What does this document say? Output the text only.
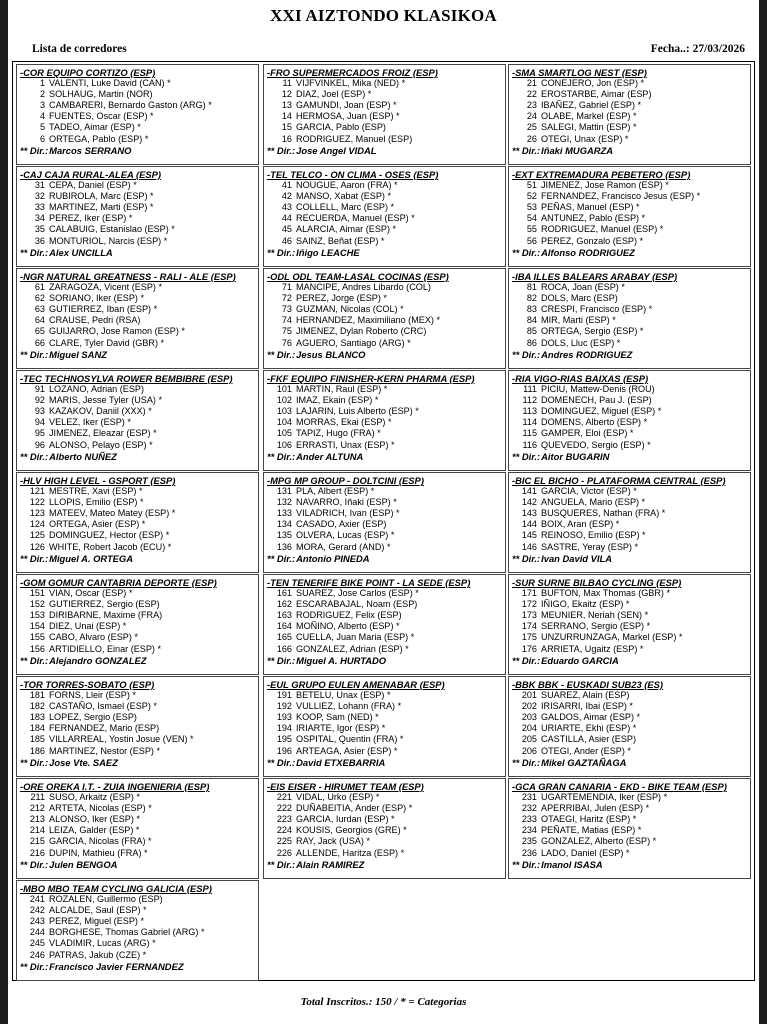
XXI AIZTONDO KLASIKOA
Lista de corredores	Fecha..: 27/03/2026
-COR EQUIPO CORTIZO (ESP)
1 VALENTI, Luke David (CAN) *
2 SOLHAUG, Martin (NOR)
3 CAMBARERI, Bernardo Gaston (ARG) *
4 FUENTES, Oscar (ESP) *
5 TADEO, Aimar (ESP) *
6 ORTEGA, Pablo (ESP) *
** Dir.:Marcos SERRANO
-FRO SUPERMERCADOS FROIZ (ESP)
11 VIJFVINKEL, Mika (NED) *
12 DIAZ, Joel (ESP) *
13 GAMUNDI, Joan (ESP) *
14 HERMOSA, Juan (ESP) *
15 GARCIA, Pablo (ESP)
16 RODRIGUEZ, Manuel (ESP)
** Dir.:Jose Angel VIDAL
-SMA SMARTLOG NEST (ESP)
21 CONEJERO, Jon (ESP) *
22 EROSTARBE, Aimar (ESP)
23 IBAÑEZ, Gabriel (ESP) *
24 OLABE, Markel (ESP) *
25 SALEGI, Mattin (ESP) *
26 OTEGI, Unax (ESP) *
** Dir.:Iñaki MUGARZA
-CAJ CAJA RURAL-ALEA (ESP)
31 CEPA, Daniel (ESP) *
32 RUBIROLA, Marc (ESP) *
33 MARTINEZ, Marti (ESP) *
34 PEREZ, Iker (ESP) *
35 CALABUIG, Estanislao (ESP) *
36 MONTURIOL, Narcis (ESP) *
** Dir.:Alex UNCILLA
-TEL TELCO - ON CLIMA - OSES (ESP)
41 NOUGUE, Aaron (FRA) *
42 MANSO, Xabat (ESP) *
43 COLLELL, Marc (ESP) *
44 RECUERDA, Manuel (ESP) *
45 ALARCIA, Aimar (ESP) *
46 SAINZ, Beñat (ESP) *
** Dir.:Iñigo LEACHE
-EXT EXTREMADURA PEBETERO (ESP)
51 JIMENEZ, Jose Ramon (ESP) *
52 FERNANDEZ, Francisco Jesus (ESP) *
53 PEÑAS, Manuel (ESP) *
54 ANTUNEZ, Pablo (ESP) *
55 RODRIGUEZ, Manuel (ESP) *
56 PEREZ, Gonzalo (ESP) *
** Dir.:Alfonso RODRIGUEZ
-NGR NATURAL GREATNESS - RALI - ALE (ESP)
61 ZARAGOZA, Vicent (ESP) *
62 SORIANO, Iker (ESP) *
63 GUTIERREZ, Iban (ESP) *
64 CRAUSE, Pedri (RSA)
65 GUIJARRO, Jose Ramon (ESP) *
66 CLARE, Tyler David (GBR) *
** Dir.:Miguel SANZ
-ODL ODL TEAM-LASAL COCINAS (ESP)
71 MANCIPE, Andres Libardo (COL)
72 PEREZ, Jorge (ESP) *
73 GUZMAN, Nicolas (COL) *
74 HERNANDEZ, Maximiliano (MEX) *
75 JIMENEZ, Dylan Roberto (CRC)
76 AGUERO, Santiago (ARG) *
** Dir.:Jesus BLANCO
-IBA ILLES BALEARS ARABAY (ESP)
81 ROCA, Joan (ESP) *
82 DOLS, Marc (ESP)
83 CRESPI, Francisco (ESP) *
84 MIR, Marti (ESP) *
85 ORTEGA, Sergio (ESP) *
86 DOLS, Lluc (ESP) *
** Dir.:Andres RODRIGUEZ
-TEC TECHNOSYLVA ROWER BEMBIBRE (ESP)
91 LOZANO, Adrian (ESP)
92 MARIS, Jesse Tyler (USA) *
93 KAZAKOV, Daniil (XXX) *
94 VELEZ, Iker (ESP) *
95 JIMENEZ, Eleazar (ESP) *
96 ALONSO, Pelayo (ESP) *
** Dir.:Alberto NUÑEZ
-FKF EQUIPO FINISHER-KERN PHARMA (ESP)
101 MARTIN, Raul (ESP) *
102 IMAZ, Ekain (ESP) *
103 LAJARIN, Luis Alberto (ESP) *
104 MORRAS, Ekai (ESP) *
105 TAPIZ, Hugo (FRA) *
106 ERRASTI, Unax (ESP) *
** Dir.:Ander ALTUNA
-RIA VIGO-RIAS BAIXAS (ESP)
111 PICIU, Mattew-Denis (ROU)
112 DOMENECH, Pau J. (ESP)
113 DOMINGUEZ, Miguel (ESP) *
114 DOMENS, Alberto (ESP) *
115 GAMPER, Eloi (ESP) *
116 QUEVEDO, Sergio (ESP) *
** Dir.:Aitor BUGARIN
-HLV HIGH LEVEL - GSPORT (ESP)
121 MESTRE, Xavi (ESP) *
122 LLOPIS, Emilio (ESP) *
123 MATEEV, Mateo Matey (ESP) *
124 ORTEGA, Asier (ESP) *
125 DOMINGUEZ, Hector (ESP) *
126 WHITE, Robert Jacob (ECU) *
** Dir.:Miguel A. ORTEGA
-MPG MP GROUP - DOLTCINI (ESP)
131 PLA, Albert (ESP) *
132 NAVARRO, Iñaki (ESP) *
133 VILADRICH, Ivan (ESP) *
134 CASADO, Axier (ESP)
135 OLVERA, Lucas (ESP) *
136 MORA, Gerard (AND) *
** Dir.:Antonio PINEDA
-BIC EL BICHO - PLATAFORMA CENTRAL (ESP)
141 GARCIA, Victor (ESP) *
142 ANGUELA, Mario (ESP) *
143 BUSQUERES, Nathan (FRA) *
144 BOIX, Aran (ESP) *
145 REINOSO, Emilio (ESP) *
146 SASTRE, Yeray (ESP) *
** Dir.:Ivan David VILA
-GOM GOMUR CANTABRIA DEPORTE (ESP)
151 VIAN, Oscar (ESP) *
152 GUTIERREZ, Sergio (ESP)
153 DIRIBARNE, Maxime (FRA)
154 DIEZ, Unai (ESP) *
155 CABO, Alvaro (ESP) *
156 ARTIDIELLO, Einar (ESP) *
** Dir.:Alejandro GONZALEZ
-TEN TENERIFE BIKE POINT - LA SEDE (ESP)
161 SUAREZ, Jose Carlos (ESP) *
162 ESCARABAJAL, Noam (ESP)
163 RODRIGUEZ, Felix (ESP)
164 MOÑINO, Alberto (ESP) *
165 CUELLA, Juan Maria (ESP) *
166 GONZALEZ, Adrian (ESP) *
** Dir.:Miguel A. HURTADO
-SUR SURNE BILBAO CYCLING (ESP)
171 BUFTON, Max Thomas (GBR) *
172 IÑIGO, Ekaitz (ESP) *
173 MEUNIER, Neriah (SEN) *
174 SERRANO, Sergio (ESP) *
175 UNZURRUNZAGA, Markel (ESP) *
176 ARRIETA, Ugaitz (ESP) *
** Dir.:Eduardo GARCIA
-TOR TORRES-SOBATO (ESP)
181 FORNS, Lleir (ESP) *
182 CASTAÑO, Ismael (ESP) *
183 LOPEZ, Sergio (ESP)
184 FERNANDEZ, Mario (ESP)
185 VILLARREAL, Yostin Josue (VEN) *
186 MARTINEZ, Nestor (ESP) *
** Dir.:Jose Vte. SAEZ
-EUL GRUPO EULEN AMENABAR (ESP)
191 BETELU, Unax (ESP) *
192 VULLIEZ, Lohann (FRA) *
193 KOOP, Sam (NED) *
194 IRIARTE, Igor (ESP) *
195 OSPITAL, Quentin (FRA) *
196 ARTEAGA, Asier (ESP) *
** Dir.:David ETXEBARRIA
-BBK BBK - EUSKADI SUB23 (ES)
201 SUAREZ, Alain (ESP)
202 IRISARRI, Ibai (ESP) *
203 GALDOS, Aimar (ESP) *
204 URIARTE, Ekhi (ESP) *
205 CASTILLA, Asier (ESP)
206 OTEGI, Ander (ESP) *
** Dir.:Mikel GAZTAÑAGA
-ORE OREKA I.T. - ZUIA INGENIERIA (ESP)
211 SUSO, Arkaitz (ESP) *
212 ARTETA, Nicolas (ESP) *
213 ALONSO, Iker (ESP) *
214 LEIZA, Galder (ESP) *
215 GARCIA, Nicolas (FRA) *
216 DUPIN, Mathieu (FRA) *
** Dir.:Julen BENGOA
-EIS EISER - HIRUMET TEAM (ESP)
221 VIDAL, Urko (ESP) *
222 DUÑABEITIA, Ander (ESP) *
223 GARCIA, Iurdan (ESP) *
224 KOUSIS, Georgios (GRE) *
225 RAY, Jack (USA) *
226 ALLENDE, Haritza (ESP) *
** Dir.:Alain RAMIREZ
-GCA GRAN CANARIA - EKD - BIKE TEAM (ESP)
231 UGARTEMENDIA, Iker (ESP) *
232 APERRIBAI, Julen (ESP) *
233 OTAEGI, Haritz (ESP) *
234 PEÑATE, Matias (ESP) *
235 GONZALEZ, Alberto (ESP) *
236 LADO, Daniel (ESP) *
** Dir.:Imanol ISASA
-MBO MBO TEAM CYCLING GALICIA (ESP)
241 ROZALEN, Guillermo (ESP)
242 ALCALDE, Saul (ESP) *
243 PEREZ, Miguel (ESP) *
244 BORGHESE, Thomas Gabriel (ARG) *
245 VLADIMIR, Lucas (ARG) *
246 PATRAS, Jakub (CZE) *
** Dir.:Francisco Javier FERNANDEZ
Total Inscritos.: 150 / * = Categorias
